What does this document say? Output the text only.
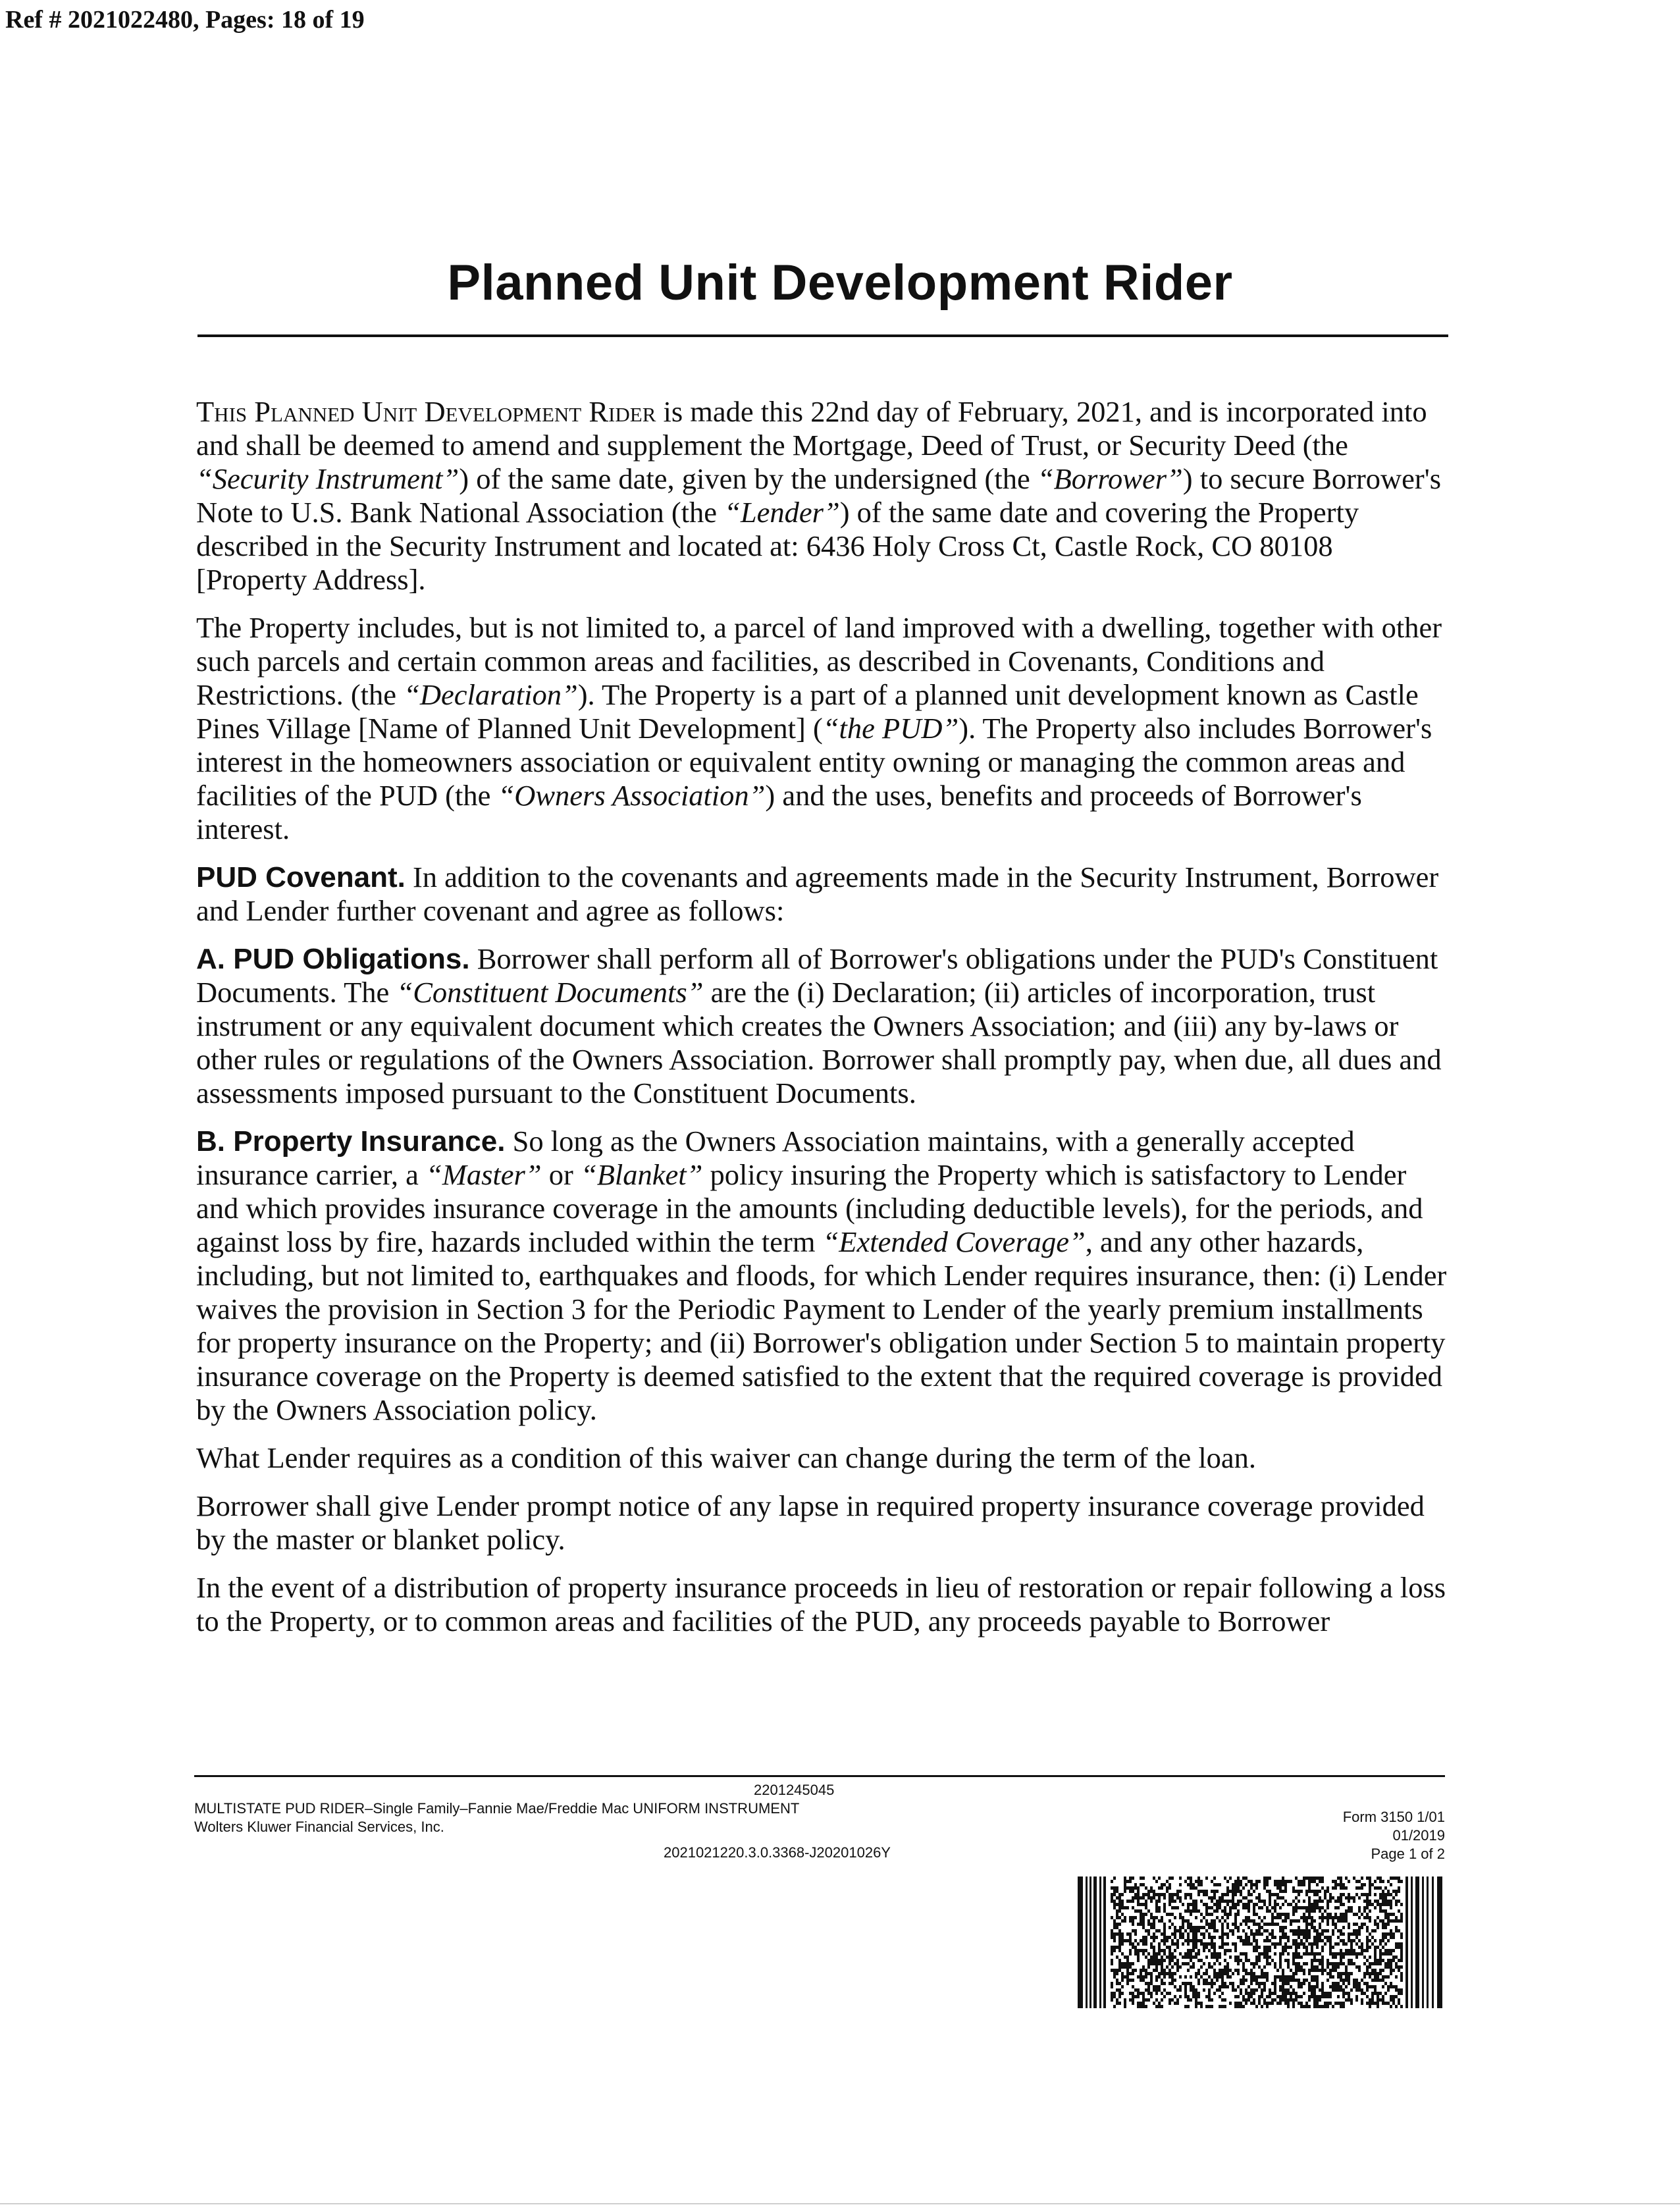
Ref # 2021022480, Pages: 18 of 19
Planned Unit Development Rider

This Planned Unit Development Rider is made this 22nd day of February, 2021, and is incorporated into and shall be deemed to amend and supplement the Mortgage, Deed of Trust, or Security Deed (the “Security Instrument”) of the same date, given by the undersigned (the “Borrower”) to secure Borrower's Note to U.S. Bank National Association (the “Lender”) of the same date and covering the Property described in the Security Instrument and located at: 6436 Holy Cross Ct, Castle Rock, CO 80108 [Property Address].

The Property includes, but is not limited to, a parcel of land improved with a dwelling, together with other such parcels and certain common areas and facilities, as described in Covenants, Conditions and Restrictions. (the “Declaration”). The Property is a part of a planned unit development known as Castle Pines Village [Name of Planned Unit Development] (“the PUD”). The Property also includes Borrower's interest in the homeowners association or equivalent entity owning or managing the common areas and facilities of the PUD (the “Owners Association”) and the uses, benefits and proceeds of Borrower's interest.

PUD Covenant. In addition to the covenants and agreements made in the Security Instrument, Borrower and Lender further covenant and agree as follows:

A. PUD Obligations. Borrower shall perform all of Borrower's obligations under the PUD's Constituent Documents. The “Constituent Documents” are the (i) Declaration; (ii) articles of incorporation, trust instrument or any equivalent document which creates the Owners Association; and (iii) any by-laws or other rules or regulations of the Owners Association. Borrower shall promptly pay, when due, all dues and assessments imposed pursuant to the Constituent Documents.

B. Property Insurance. So long as the Owners Association maintains, with a generally accepted insurance carrier, a “Master” or “Blanket” policy insuring the Property which is satisfactory to Lender and which provides insurance coverage in the amounts (including deductible levels), for the periods, and against loss by fire, hazards included within the term “Extended Coverage”, and any other hazards, including, but not limited to, earthquakes and floods, for which Lender requires insurance, then: (i) Lender waives the provision in Section 3 for the Periodic Payment to Lender of the yearly premium installments for property insurance on the Property; and (ii) Borrower's obligation under Section 5 to maintain property insurance coverage on the Property is deemed satisfied to the extent that the required coverage is provided by the Owners Association policy.

What Lender requires as a condition of this waiver can change during the term of the loan.

Borrower shall give Lender prompt notice of any lapse in required property insurance coverage provided by the master or blanket policy.

In the event of a distribution of property insurance proceeds in lieu of restoration or repair following a loss to the Property, or to common areas and facilities of the PUD, any proceeds payable to Borrower

2201245045
MULTISTATE PUD RIDER–Single Family–Fannie Mae/Freddie Mac UNIFORM INSTRUMENT
Wolters Kluwer Financial Services, Inc.
2021021220.3.0.3368-J20201026Y
Form 3150 1/01
01/2019
Page 1 of 2
